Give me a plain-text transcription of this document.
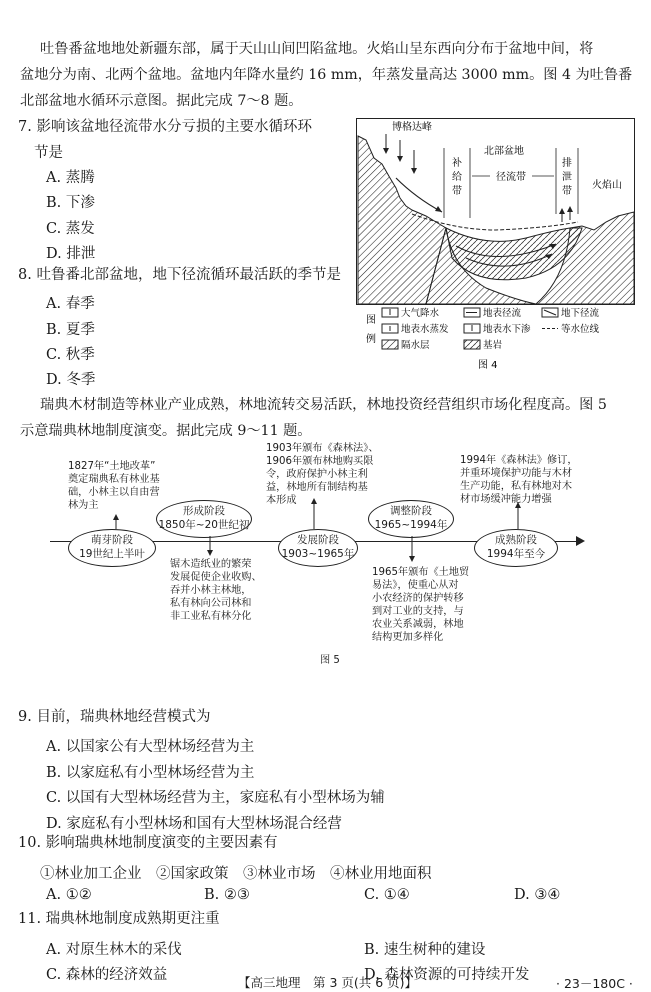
吐鲁番盆地地处新疆东部，属于天山山间凹陷盆地。火焰山呈东西向分布于盆地中间，将
盆地分为南、北两个盆地。盆地内年降水量约 16 mm，年蒸发量高达 3000 mm。图 4 为吐鲁番
北部盆地水循环示意图。据此完成 7～8 题。
7. 影响该盆地径流带水分亏损的主要水循环环
节是
A. 蒸腾
B. 下渗
C. 蒸发
D. 排泄
8. 吐鲁番北部盆地，地下径流循环最活跃的季节是
A. 春季
B. 夏季
C. 秋季
D. 冬季
博格达峰
北部盆地
补
给
带
径流带
排
泄
带
火焰山
图
例
大气降水	地表径流	地下径流
地表水蒸发	地表水下渗	等水位线
隔水层	基岩
图 4
瑞典木材制造等林业产业成熟，林地流转交易活跃，林地投资经营组织市场化程度高。图 5
示意瑞典林地制度演变。据此完成 9～11 题。
萌芽阶段
19世纪上半叶
形成阶段
1850年~20世纪初
发展阶段
1903~1965年
调整阶段
1965~1994年
成熟阶段
1994年至今
1827年“土地改革”
奠定瑞典私有林业基
础，小林主以自由营
林为主
1903年颁布《森林法》、
1906年颁布林地购买限
令，政府保护小林主利
益，林地所有制结构基
本形成
1994年《森林法》修订，
并重环境保护功能与木材
生产功能，私有林地对木
材市场缓冲能力增强
锯木造纸业的繁荣
发展促使企业收购、
吞并小林主林地，
私有林向公司林和
非工业私有林分化
1965年颁布《土地贸
易法》，使重心从对
小农经济的保护转移
到对工业的支持，与
农业关系减弱，林地
结构更加多样化
图 5
9. 目前，瑞典林地经营模式为
A. 以国家公有大型林场经营为主
B. 以家庭私有小型林场经营为主
C. 以国有大型林场经营为主，家庭私有小型林场为辅
D. 家庭私有小型林场和国有大型林场混合经营
10. 影响瑞典林地制度演变的主要因素有
①林业加工企业　②国家政策　③林业市场　④林业用地面积
A. ①②	B. ②③	C. ①④	D. ③④
11. 瑞典林地制度成熟期更注重
A. 对原生林木的采伐	B. 速生树种的建设
C. 森林的经济效益	D. 森林资源的可持续开发
【高三地理　第 3 页(共 6 页)】	· 23－180C ·
